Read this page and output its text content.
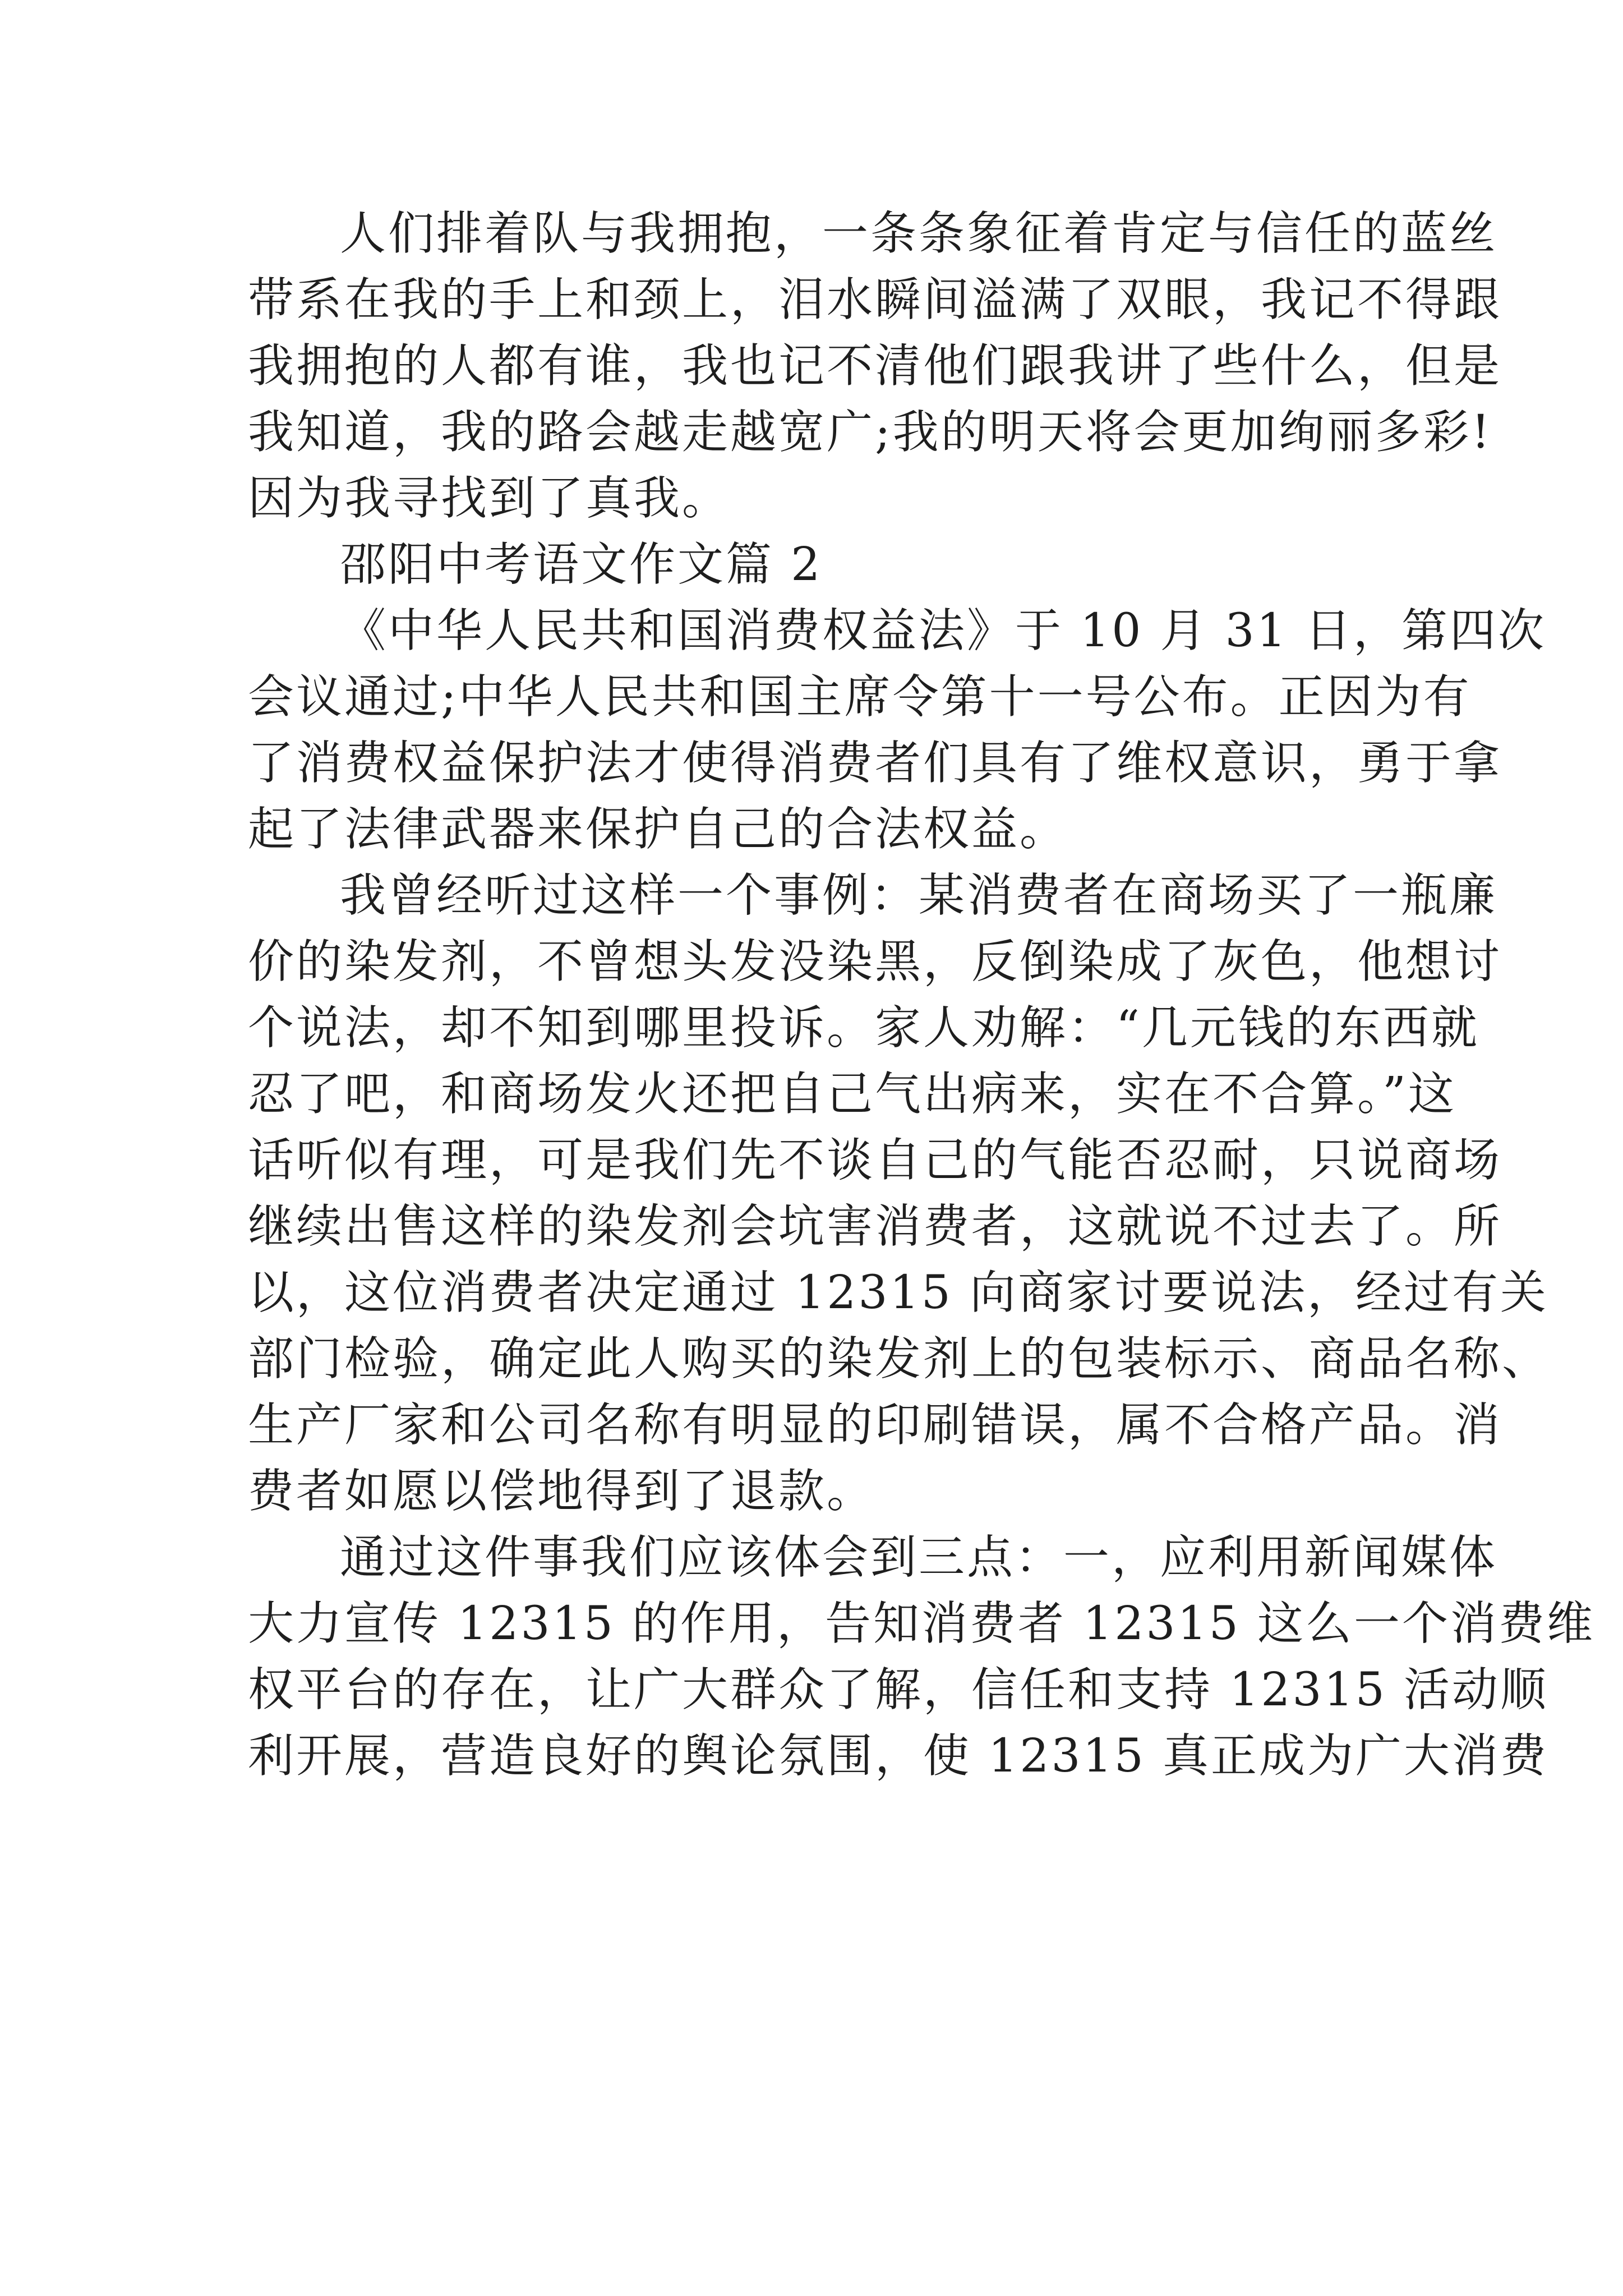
人们排着队与我拥抱，一条条象征着肯定与信任的蓝丝
带系在我的手上和颈上，泪水瞬间溢满了双眼，我记不得跟
我拥抱的人都有谁，我也记不清他们跟我讲了些什么，但是
我知道，我的路会越走越宽广;我的明天将会更加绚丽多彩!
因为我寻找到了真我。
邵阳中考语文作文篇 2
《中华人民共和国消费权益法》于 10 月 31 日，第四次
会议通过;中华人民共和国主席令第十一号公布。正因为有
了消费权益保护法才使得消费者们具有了维权意识，勇于拿
起了法律武器来保护自己的合法权益。
我曾经听过这样一个事例：某消费者在商场买了一瓶廉
价的染发剂，不曾想头发没染黑，反倒染成了灰色，他想讨
个说法，却不知到哪里投诉。家人劝解：“几元钱的东西就
忍了吧，和商场发火还把自己气出病来，实在不合算。”这
话听似有理，可是我们先不谈自己的气能否忍耐，只说商场
继续出售这样的染发剂会坑害消费者，这就说不过去了。所
以，这位消费者决定通过 12315 向商家讨要说法，经过有关
部门检验，确定此人购买的染发剂上的包装标示、商品名称、
生产厂家和公司名称有明显的印刷错误，属不合格产品。消
费者如愿以偿地得到了退款。
通过这件事我们应该体会到三点：一，应利用新闻媒体
大力宣传 12315 的作用，告知消费者 12315 这么一个消费维
权平台的存在，让广大群众了解，信任和支持 12315 活动顺
利开展，营造良好的舆论氛围，使 12315 真正成为广大消费
